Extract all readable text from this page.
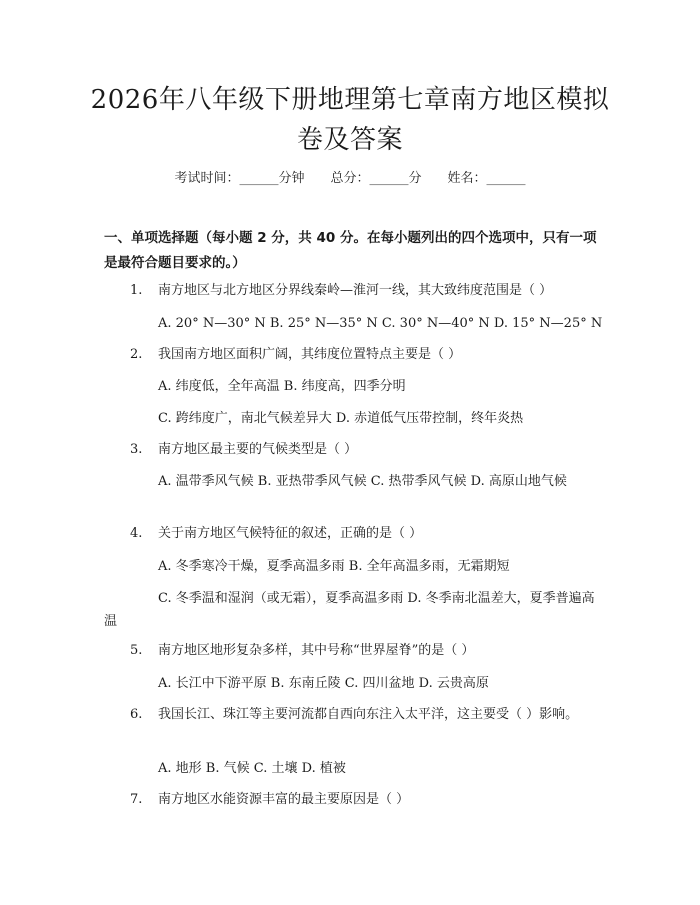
2026年八年级下册地理第七章南方地区模拟
卷及答案
考试时间：______分钟 总分：______分 姓名：______
一、单项选择题（每小题 2 分，共 40 分。在每小题列出的四个选项中，只有一项是最符合题目要求的。）
1. 南方地区与北方地区分界线秦岭—淮河一线，其大致纬度范围是（ ）
A. 20° N—30° N B. 25° N—35° N C. 30° N—40° N D. 15° N—25° N
2. 我国南方地区面积广阔，其纬度位置特点主要是（ ）
A. 纬度低，全年高温 B. 纬度高，四季分明
C. 跨纬度广，南北气候差异大 D. 赤道低气压带控制，终年炎热
3. 南方地区最主要的气候类型是（ ）
A. 温带季风气候 B. 亚热带季风气候 C. 热带季风气候 D. 高原山地气候
4. 关于南方地区气候特征的叙述，正确的是（ ）
A. 冬季寒冷干燥，夏季高温多雨 B. 全年高温多雨，无霜期短
C. 冬季温和湿润（或无霜），夏季高温多雨 D. 冬季南北温差大，夏季普遍高温
5. 南方地区地形复杂多样，其中号称“世界屋脊”的是（ ）
A. 长江中下游平原 B. 东南丘陵 C. 四川盆地 D. 云贵高原
6. 我国长江、珠江等主要河流都自西向东注入太平洋，这主要受（ ）影响。
A. 地形 B. 气候 C. 土壤 D. 植被
7. 南方地区水能资源丰富的最主要原因是（ ）
